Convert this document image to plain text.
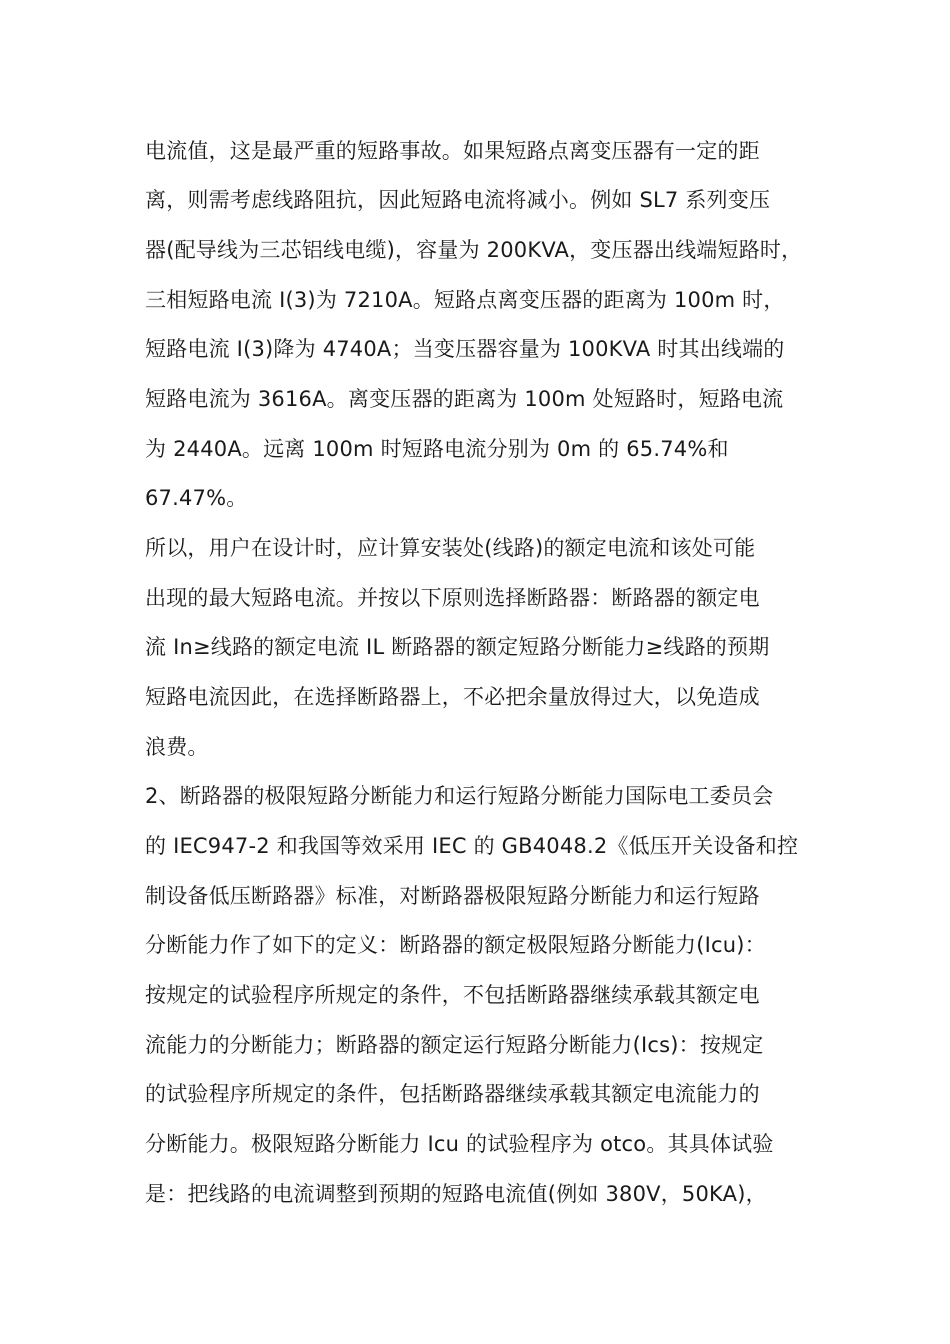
电流值，这是最严重的短路事故。如果短路点离变压器有一定的距
离，则需考虑线路阻抗，因此短路电流将减小。例如 SL7 系列变压
器(配导线为三芯铝线电缆)，容量为 200KVA，变压器出线端短路时，
三相短路电流 I(3)为 7210A。短路点离变压器的距离为 100m 时，
短路电流 I(3)降为 4740A；当变压器容量为 100KVA 时其出线端的
短路电流为 3616A。离变压器的距离为 100m 处短路时，短路电流
为 2440A。远离 100m 时短路电流分别为 0m 的 65.74%和
67.47%。
所以，用户在设计时，应计算安装处(线路)的额定电流和该处可能
出现的最大短路电流。并按以下原则选择断路器：断路器的额定电
流 In≥线路的额定电流 IL 断路器的额定短路分断能力≥线路的预期
短路电流因此，在选择断路器上，不必把余量放得过大，以免造成
浪费。
2、断路器的极限短路分断能力和运行短路分断能力国际电工委员会
的 IEC947-2 和我国等效采用 IEC 的 GB4048.2《低压开关设备和控
制设备低压断路器》标准，对断路器极限短路分断能力和运行短路
分断能力作了如下的定义：断路器的额定极限短路分断能力(Icu)：
按规定的试验程序所规定的条件，不包括断路器继续承载其额定电
流能力的分断能力；断路器的额定运行短路分断能力(Ics)：按规定
的试验程序所规定的条件，包括断路器继续承载其额定电流能力的
分断能力。极限短路分断能力 Icu 的试验程序为 otco。其具体试验
是：把线路的电流调整到预期的短路电流值(例如 380V，50KA)，
